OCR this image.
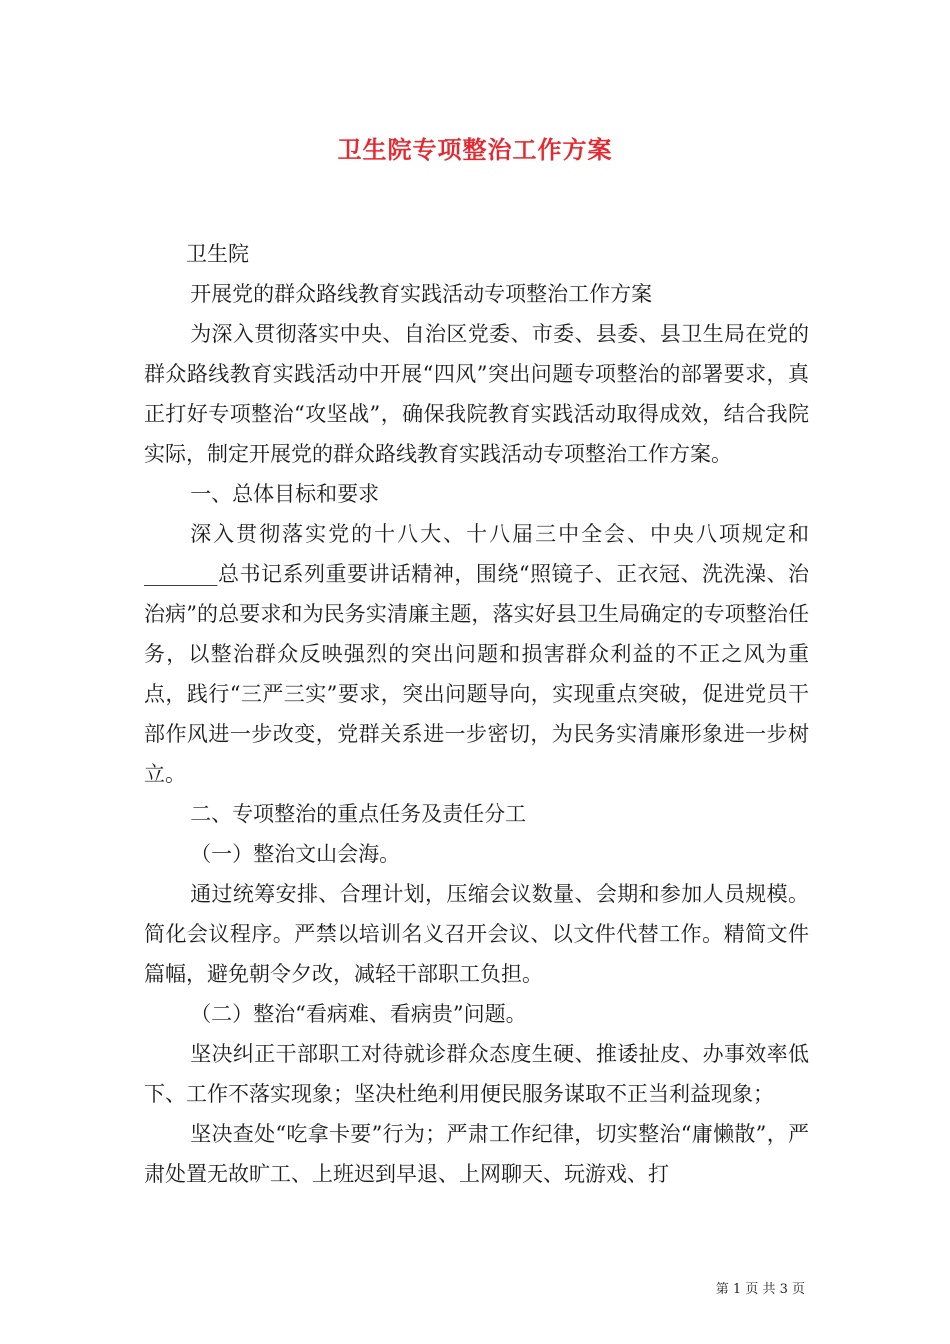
卫生院专项整治工作方案

卫生院

开展党的群众路线教育实践活动专项整治工作方案

为深入贯彻落实中央、自治区党委、市委、县委、县卫生局在党的群众路线教育实践活动中开展“四风”突出问题专项整治的部署要求，真正打好专项整治“攻坚战”，确保我院教育实践活动取得成效，结合我院实际，制定开展党的群众路线教育实践活动专项整治工作方案。

一、总体目标和要求

深入贯彻落实党的十八大、十八届三中全会、中央八项规定和_______总书记系列重要讲话精神，围绕“照镜子、正衣冠、洗洗澡、治治病”的总要求和为民务实清廉主题，落实好县卫生局确定的专项整治任务，以整治群众反映强烈的突出问题和损害群众利益的不正之风为重点，践行“三严三实”要求，突出问题导向，实现重点突破，促进党员干部作风进一步改变，党群关系进一步密切，为民务实清廉形象进一步树立。

二、专项整治的重点任务及责任分工

（一）整治文山会海。

通过统筹安排、合理计划，压缩会议数量、会期和参加人员规模。简化会议程序。严禁以培训名义召开会议、以文件代替工作。精简文件篇幅，避免朝令夕改，减轻干部职工负担。

（二）整治“看病难、看病贵”问题。

坚决纠正干部职工对待就诊群众态度生硬、推诿扯皮、办事效率低下、工作不落实现象；坚决杜绝利用便民服务谋取不正当利益现象；

坚决查处“吃拿卡要”行为；严肃工作纪律，切实整治“庸懒散”，严肃处置无故旷工、上班迟到早退、上网聊天、玩游戏、打

第 1 页 共 3 页
